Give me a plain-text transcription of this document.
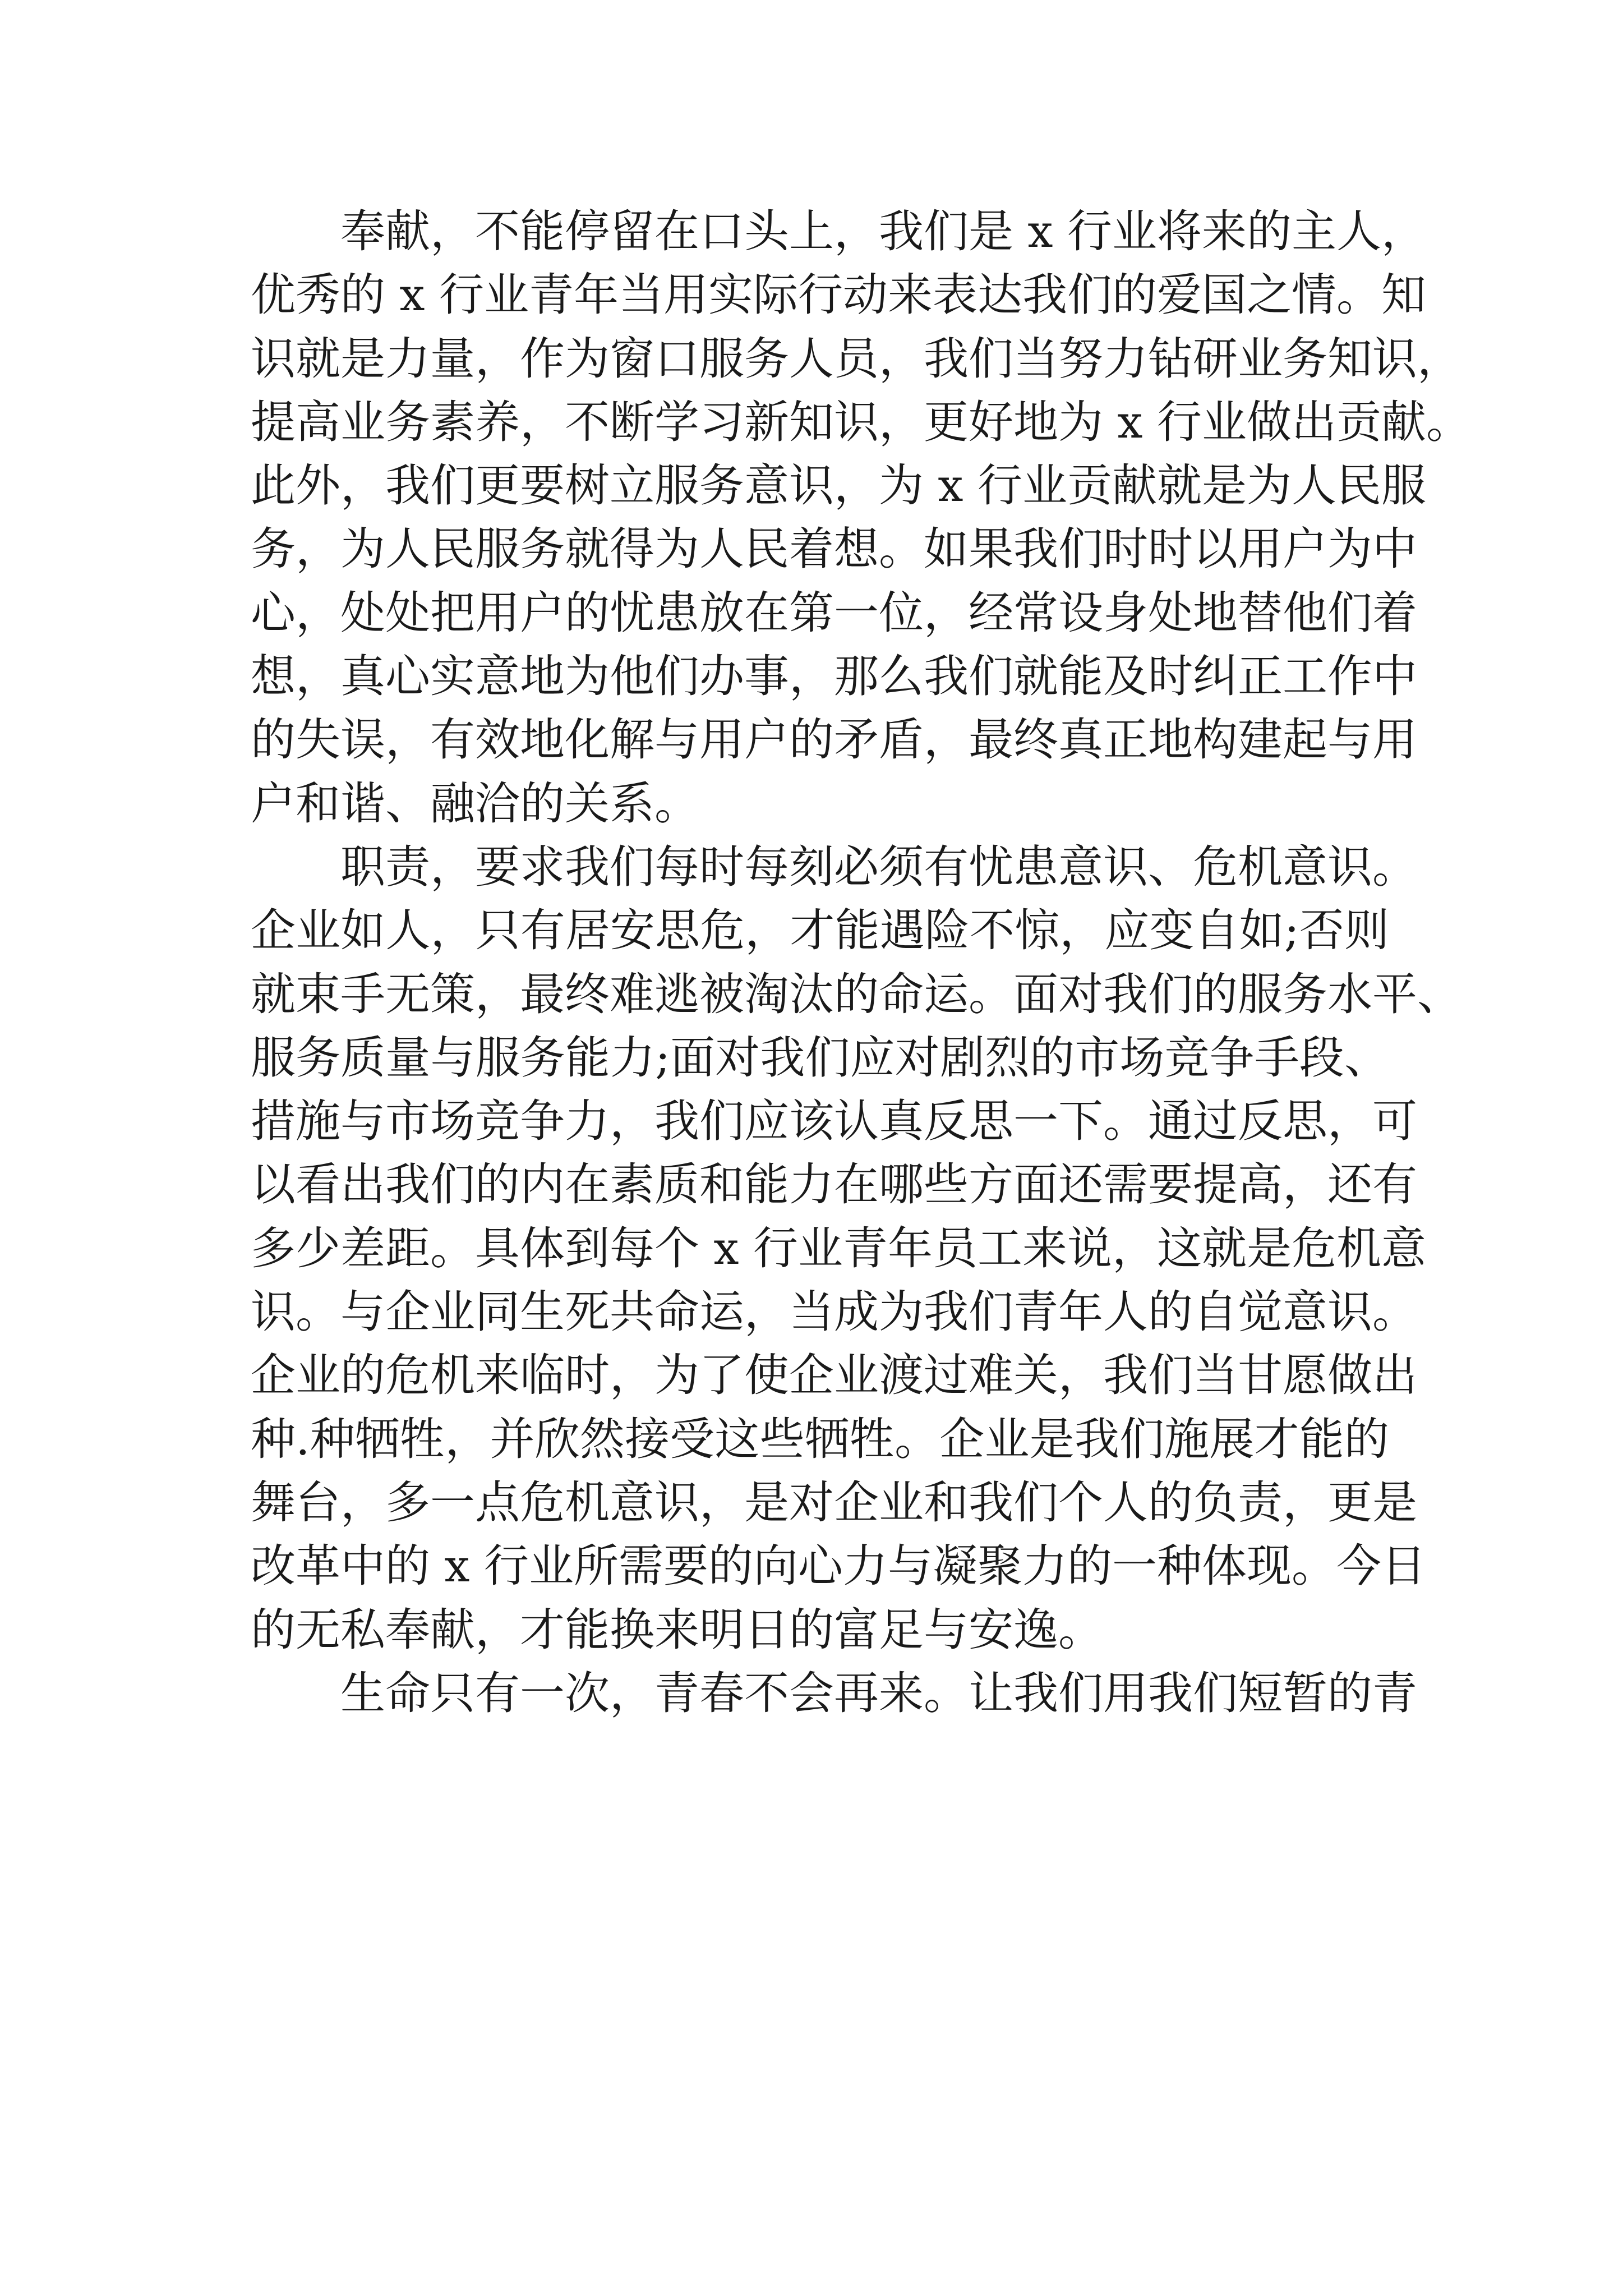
奉献，不能停留在口头上，我们是 x 行业将来的主人，
优秀的 x 行业青年当用实际行动来表达我们的爱国之情。知
识就是力量，作为窗口服务人员，我们当努力钻研业务知识，
提高业务素养，不断学习新知识，更好地为 x 行业做出贡献。
此外，我们更要树立服务意识，为 x 行业贡献就是为人民服
务，为人民服务就得为人民着想。如果我们时时以用户为中
心，处处把用户的忧患放在第一位，经常设身处地替他们着
想，真心实意地为他们办事，那么我们就能及时纠正工作中
的失误，有效地化解与用户的矛盾，最终真正地构建起与用
户和谐、融洽的关系。
职责，要求我们每时每刻必须有忧患意识、危机意识。
企业如人，只有居安思危，才能遇险不惊，应变自如;否则
就束手无策，最终难逃被淘汰的命运。面对我们的服务水平、
服务质量与服务能力;面对我们应对剧烈的市场竞争手段、
措施与市场竞争力，我们应该认真反思一下。通过反思，可
以看出我们的内在素质和能力在哪些方面还需要提高，还有
多少差距。具体到每个 x 行业青年员工来说，这就是危机意
识。与企业同生死共命运，当成为我们青年人的自觉意识。
企业的危机来临时，为了使企业渡过难关，我们当甘愿做出
种.种牺牲，并欣然接受这些牺牲。企业是我们施展才能的
舞台，多一点危机意识，是对企业和我们个人的负责，更是
改革中的 x 行业所需要的向心力与凝聚力的一种体现。今日
的无私奉献，才能换来明日的富足与安逸。
生命只有一次，青春不会再来。让我们用我们短暂的青
